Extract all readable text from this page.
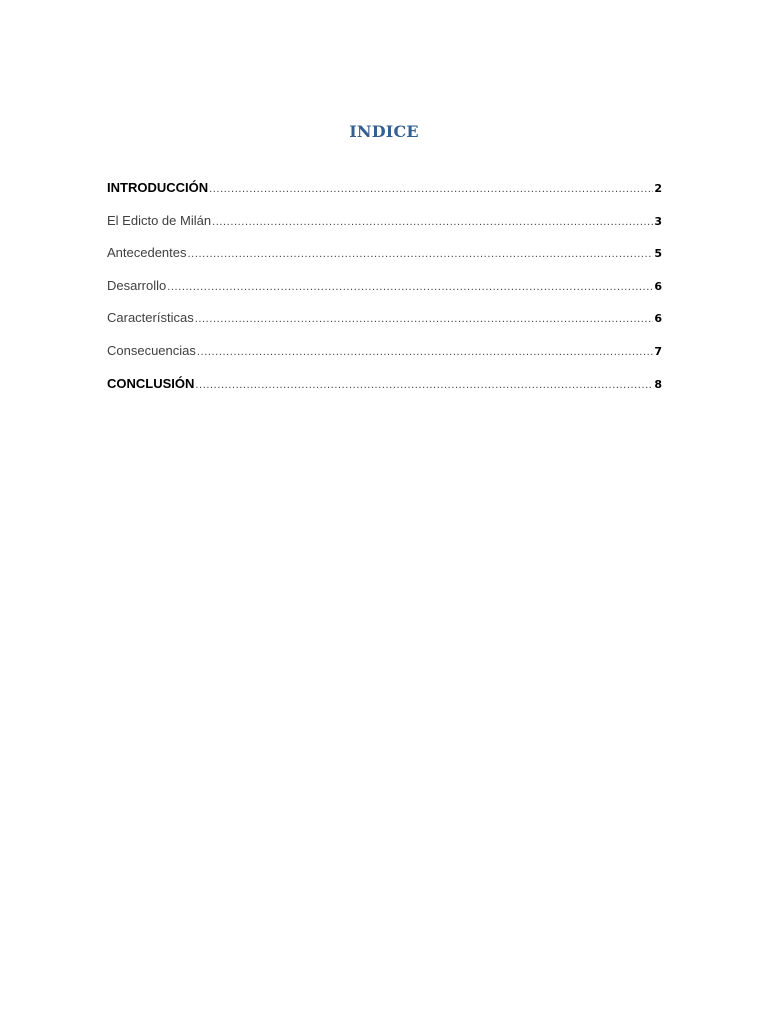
INDICE
INTRODUCCIÓN .....	2
El Edicto de Milán .....	3
Antecedentes .....	5
Desarrollo .....	6
Características .....	6
Consecuencias .....	7
CONCLUSIÓN .....	8
